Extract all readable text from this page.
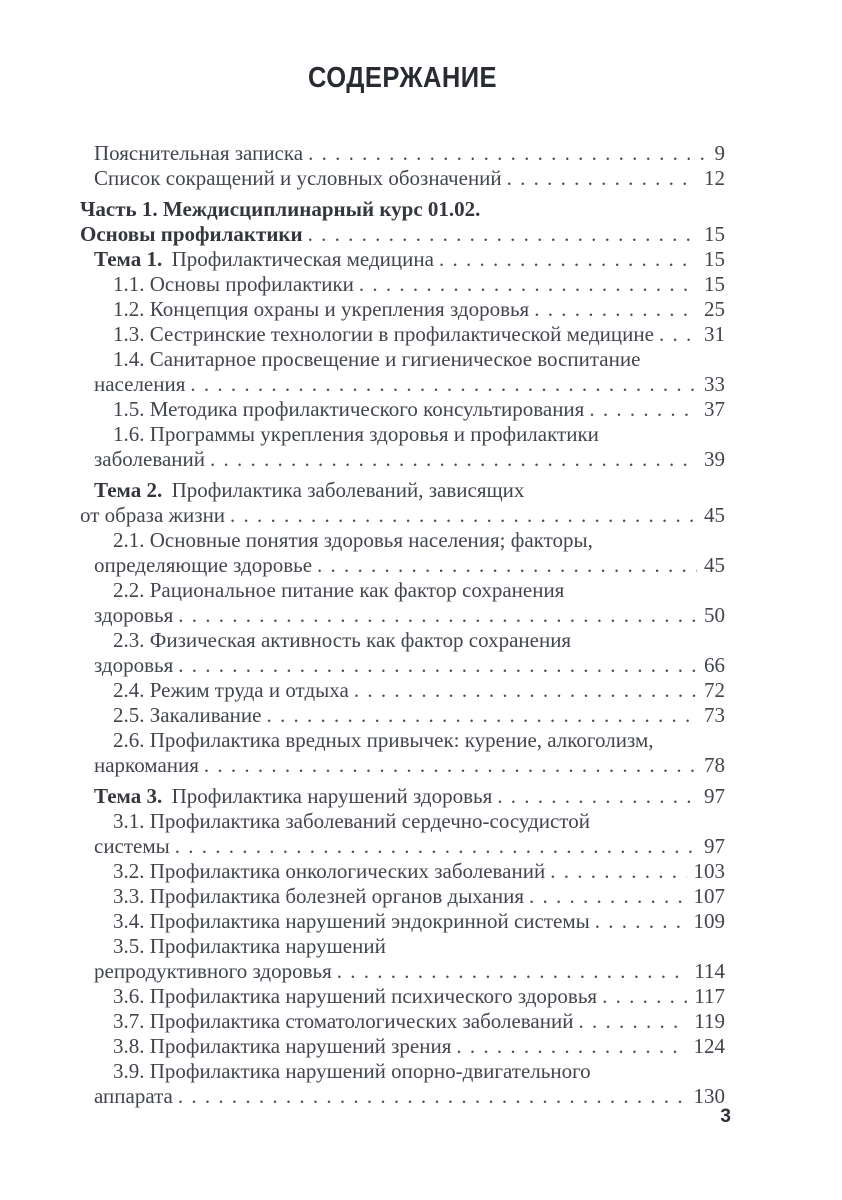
СОДЕРЖАНИЕ
Пояснительная записка . . .	9
Список сокращений и условных обозначений . . .	12
Часть 1. Междисциплинарный курс 01.02.
Основы профилактики . . .	15
Тема 1. Профилактическая медицина . . .	15
1.1. Основы профилактики . . .	15
1.2. Концепция охраны и укрепления здоровья . . .	25
1.3. Сестринские технологии в профилактической медицине . . . 31
1.4. Санитарное просвещение и гигиеническое воспитание
населения . . .	33
1.5. Методика профилактического консультирования . . .	37
1.6. Программы укрепления здоровья и профилактики
заболеваний . . .	39
Тема 2. Профилактика заболеваний, зависящих
от образа жизни . . .	45
2.1. Основные понятия здоровья населения; факторы,
определяющие здоровье . . .	45
2.2. Рациональное питание как фактор сохранения
здоровья . . .	50
2.3. Физическая активность как фактор сохранения
здоровья . . .	66
2.4. Режим труда и отдыха . . .	72
2.5. Закаливание . . .	73
2.6. Профилактика вредных привычек: курение, алкоголизм,
наркомания . . .	78
Тема 3. Профилактика нарушений здоровья . . .	97
3.1. Профилактика заболеваний сердечно-сосудистой
системы . . .	97
3.2. Профилактика онкологических заболеваний . . .	103
3.3. Профилактика болезней органов дыхания . . .	107
3.4. Профилактика нарушений эндокринной системы . . .	109
3.5. Профилактика нарушений
репродуктивного здоровья . . .	114
3.6. Профилактика нарушений психического здоровья . . .	117
3.7. Профилактика стоматологических заболеваний . . .	119
3.8. Профилактика нарушений зрения . . .	124
3.9. Профилактика нарушений опорно-двигательного
аппарата . . .	130
3
